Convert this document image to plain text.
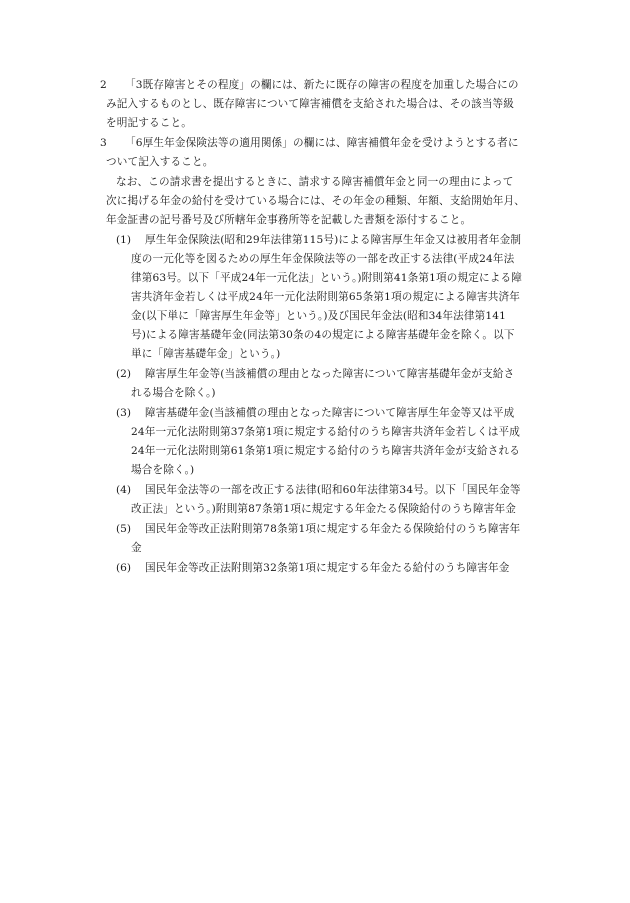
2 「3既存障害とその程度」の欄には、新たに既存の障害の程度を加重した場合にの
み記入するものとし、既存障害について障害補償を支給された場合は、その該当等級
を明記すること。
3 「6厚生年金保険法等の適用関係」の欄には、障害補償年金を受けようとする者に
ついて記入すること。
なお、この請求書を提出するときに、請求する障害補償年金と同一の理由によって
次に掲げる年金の給付を受けている場合には、その年金の種類、年額、支給開始年月、
年金証書の記号番号及び所轄年金事務所等を記載した書類を添付すること。
(1) 厚生年金保険法(昭和29年法律第115号)による障害厚生年金又は被用者年金制
度の一元化等を図るための厚生年金保険法等の一部を改正する法律(平成24年法
律第63号。以下「平成24年一元化法」という。)附則第41条第1項の規定による障
害共済年金若しくは平成24年一元化法附則第65条第1項の規定による障害共済年
金(以下単に「障害厚生年金等」という。)及び国民年金法(昭和34年法律第141
号)による障害基礎年金(同法第30条の4の規定による障害基礎年金を除く。以下
単に「障害基礎年金」という。)
(2) 障害厚生年金等(当該補償の理由となった障害について障害基礎年金が支給さ
れる場合を除く。)
(3) 障害基礎年金(当該補償の理由となった障害について障害厚生年金等又は平成
24年一元化法附則第37条第1項に規定する給付のうち障害共済年金若しくは平成
24年一元化法附則第61条第1項に規定する給付のうち障害共済年金が支給される
場合を除く。)
(4) 国民年金法等の一部を改正する法律(昭和60年法律第34号。以下「国民年金等
改正法」という。)附則第87条第1項に規定する年金たる保険給付のうち障害年金
(5) 国民年金等改正法附則第78条第1項に規定する年金たる保険給付のうち障害年
金
(6) 国民年金等改正法附則第32条第1項に規定する年金たる給付のうち障害年金
